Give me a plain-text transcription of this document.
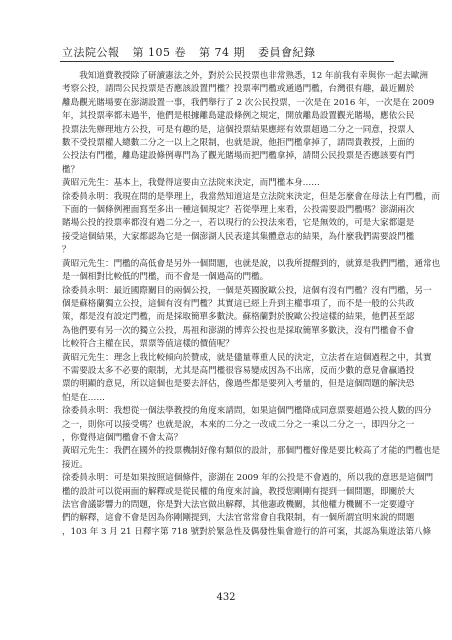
立法院公報 第 105 卷 第 74 期 委員會紀錄
　　我知道費教授除了研讀憲法之外，對於公民投票也非常熟悉，12 年前我有幸與你一起去歐洲
考察公投，請問公民投票是否應該設置門檻？投票率門檻或通過門檻，台灣很有趣，最近關於
離島觀光賭場要在澎湖設置一事，我們舉行了 2 次公民投票，一次是在 2016 年，一次是在 2009
年，其投票率都未過半，他們是根據離島建設條例之規定，開放離島設置觀光賭場，應依公民
投票法先辦理地方公投，可是有趣的是，這個投票結果應經有效票超過二分之一同意，投票人
數不受投票權人總數二分之一以上之限制，也就是說，他拒門檻拿掉了，請問貴教授，上面的
公投法有門檻，離島建設條例專門為了觀光賭場而把門檻拿掉，請問公民投票是否應該要有門
檻？
黃昭元先生：基本上，我覺得這要由立法院來決定，而門檻本身……
徐委員永明：我現在問的是學理上，我當然知道這是立法院來決定，但是怎麼會在母法上有門檻，而
下面的一個條例裡面寫至多出一種這個規定？若從學理上來看，公投需要設門檻嗎？澎湖兩次
賭場公投的投票率都沒有過二分之一，若以現行的公投法來看，它是無效的，可是大家都還是
接受這個結果，大家都認為它是一個澎湖人民表達其集體意志的結果，為什麼我們需要設門檻
？
黃昭元先生：門檻的高低會是另外一個問題，也就是說，以我所提醒到的，就算是我們門檻，通常也
是一個相對比較低的門檻，而不會是一個過高的門檻。
徐委員永明：最近國際關目的兩個公投，一個是英國脫歐公投，這個有沒有門檻？沒有門檻，另一
個是蘇格蘭獨立公投，這個有沒有門檻？其實這已經上升到主權事項了，而不是一般的公共政
策，都是沒有設定門檻，而是採取簡單多數決。蘇格蘭對於脫歐公投這樣的結果，他們甚至認
為他們要有另一次的獨立公投，馬祖和澎湖的博弈公投也是採取簡單多數決，沒有門檻會不會
比較符合主權在民，票票等值這樣的價值呢？
黃昭元先生：理念上我比較傾向於贊成，就是儘量尊重人民的決定，立法者在這個過程之中，其實
不需要設太多不必要的限制，尤其是高門檻很容易變成因為不出席，反而少數的意見會贏過投
票的明顯的意見，所以這個也是要去評估，像過些都是要列入考量的，但是這個問題的解決恐
怕是在……
徐委員永明：我想從一個法學教授的角度來請問，如果這個門檻降成同意票要超過公投人數的四分
之一，則你可以接受嗎？也就是說，本來的二分之一改成二分之一乘以二分之一，即四分之一
，你覺得這個門檻會不會太高？
黃昭元先生：我們在國外的投票機制好像有類似的設計，那個門檻好像是要比較高了才能的門檻也是
接近。
徐委員永明：可是如果按照這個條件，澎湖在 2009 年的公投是不會過的，所以我的意思是這個門
檻的設計可以從兩面的解釋或是從民權的角度來討論，教授您剛剛有提到一個問題，即關於大
法官會議影響力的問題，你是對大法官做出解釋，其他憲政機關，其他權力機關不一定要遵守
們的解釋，這會不會是因為你剛剛提到，大法官常常會自我限制，有一個所謂宜明來說的問題
，103 年 3 月 21 日釋字第 718 號對於緊急性及偶發性集會遊行的許可案，其認為集遊法第八條
432
